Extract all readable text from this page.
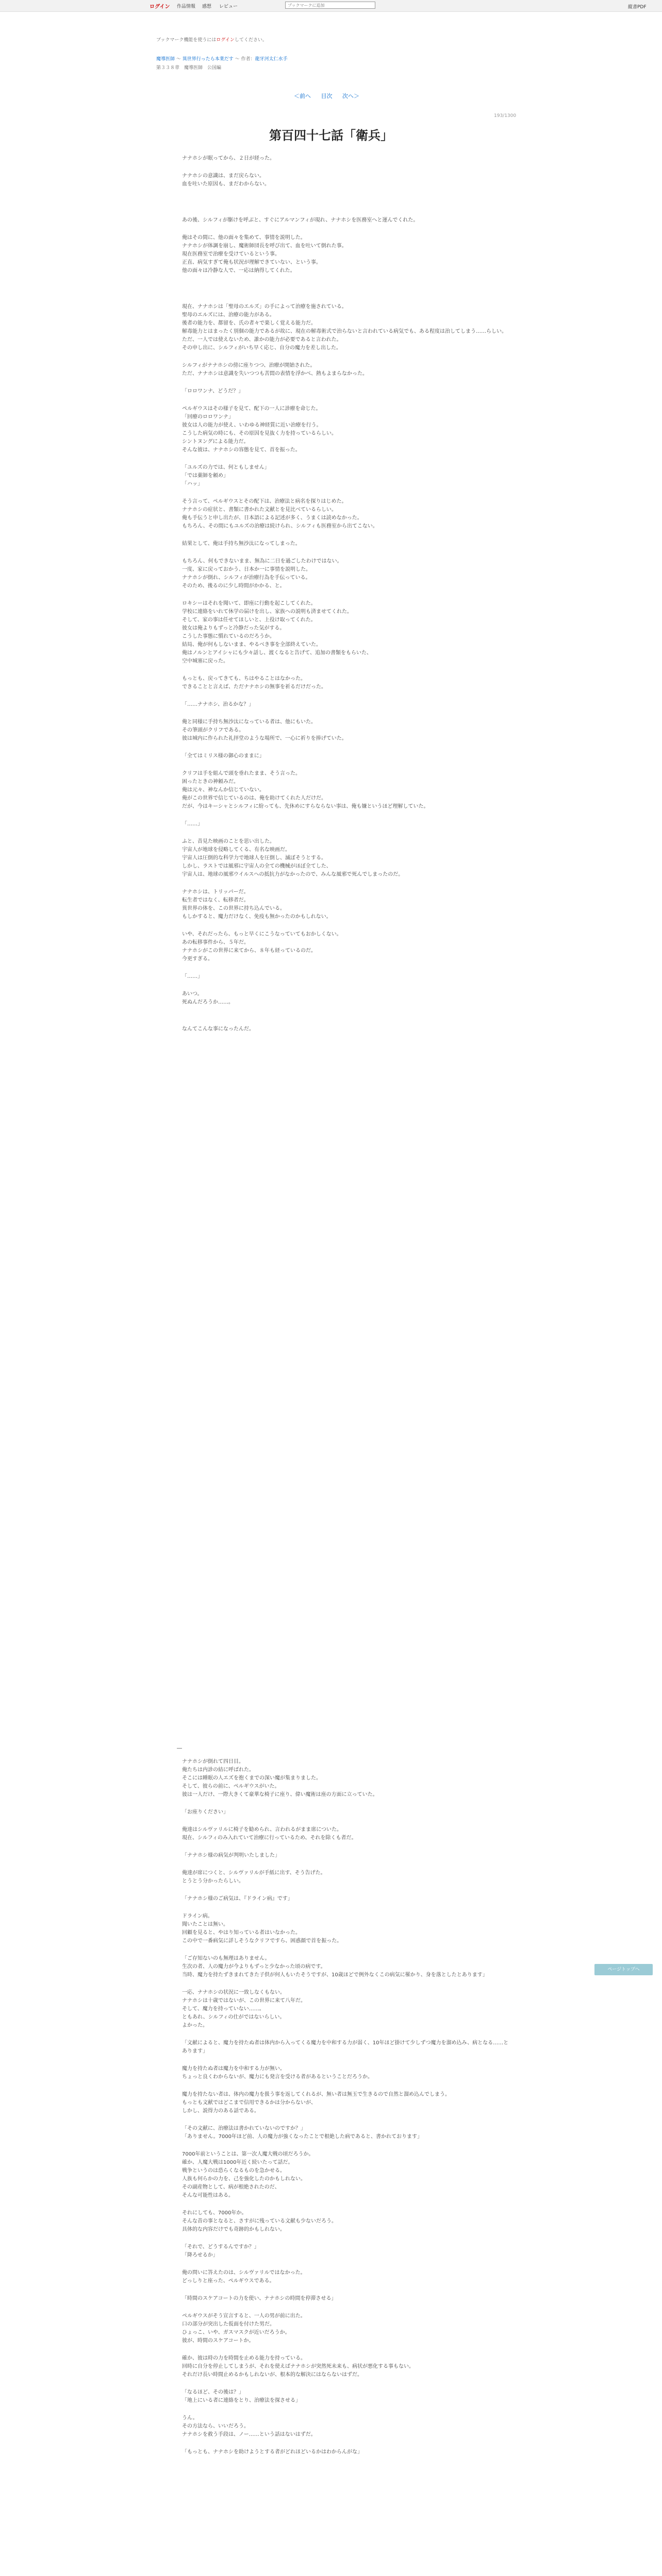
ログイン 作品情報 感想 レビュー
ブックマークに追加	縦書PDF
ブックマーク機能を使うにはログインしてください。
魔導医師 ～ 異世界行ったら本業だす ～ 作者：龍牙河太仁水手
第３３８章　魔導医師　公国編
＜前へ 目次 次へ＞
193/1300
第百四十七話「衛兵」

ナナホシが眠ってから、２日が経った。

ナナホシの意識は、まだ戻らない。

血を吐いた原因も、まだわからない。

あの後、シルフィが駆けを呼ぶと、すぐにアルマンフィが現れ、ナナホシを医務室へと運んでくれた。

俺はその間に、他の面々を集めて、事情を説明した。

ナナホシが体調を崩し、魔術師団長を呼び出て、血を吐いて倒れた事。

現在医務室で治療を受けているという事。

正直、病気すぎて俺も状況が理解できていない、という事。

他の面々は冷静な人で、一応は納得してくれた。

現在、ナナホシは「聖母のエルズ」の手によって治療を施されている。

聖母のエルズには、治療の能力がある。

後者の能力を、都留を、氏の者々で楽しく覚える能力だ。

解毒能力とはまったく別個の能力であるが故に、現在の解毒術式で治らないと言われている病気でも、ある程度は治してしまう……らしい。

ただ、一人では使えないため、誰かの能力が必要であると言われた。

その申し出に、シルフィがいち早く応じ、自分の魔力を差し出した。

シルフィがナナホシの傍に座りつつ、治療が開始された。

ただ、ナナホシは意識を失いつつも苦悶の表情を浮かべ、熱もよまらなかった。

「ロロワンナ、どうだ？」

ペルギウスはその様子を見て、配下の一人に診療を命じた。

「回療のロロワンナ」

彼女は人の能力が使え、いわゆる神経質に近い治療を行う。

こうした病気の時にも、その原因を見抜く力を持っているらしい。

シントヌングによる能力だ。

そんな彼は、ナナホシの容態を見て、首を振った。

「ユルズの力では、何ともしません」

「では薬師を頼め」

「ハッ」

そう言って、ペルギウスとその配下は、治療法と病名を探りはじめた。

ナナホシの症状と、書類に書かれた文献とを見比べているらしい。

俺も手伝うと申し出たが、日本語による記述が多く、うまくは読めなかった。

もちろん、その間にもユルズの治療は続けられ、シルフィも医務室から出てこない。

結果として、俺は手持ち無沙汰になってしまった。

もちろん、何もできないまま、無為に二日を過ごしたわけではない。

一度、家に戻っておかう、日本か一に事情を説明した。

ナナホシが倒れ、シルフィが治療行為を手伝っている。

そのため、後るのに少し時間がかかる、と。

ロキシーはそれを聞いて、即座に行動を起こしてくれた。

学校に連絡をいれて休学の届けを出し、家族への説明も済ませてくれた。

そして、家の事は任せてほしいと、上役け取ってくれた。

彼女は俺よりもずっと冷静だった気がする。

こうした事態に慣れているのだろうか。

結局、俺が何もしないまま、やるべき事を全部終えていた。

俺はノルンとアイシャにも少々話し、渡くなると告げて、追加の書類をもらいた、

空中城塞に戻った。

もっとも、戻ってきても、ちはやることはなかった。

できることと言えば、ただナナホシの無事を祈るだけだった。

「……ナナホシ、治るかな？」

俺と同様に手持ち無沙汰になっている者は、他にもいた。

その筆頭がクリフである。

彼は城内に作られた礼拝堂のような場所で、一心に祈りを捧げていた。

「全てはミリス様の御心のままに」

クリフは手を組んで頭を垂れたまま、そう言った。

困ったときの神頼みだ。

俺は元々、神なんか信じていない。

俺がこの世界で信じているのは、俺を助けてくれた人だけだ。

だが、今はキーシャとシルフィに紛っても、先休めにすらならない事は、俺も嫌というほど理解していた。

「……」

ふと、昔見た映画のことを思い出した。

宇宙人が地球を侵略してくる、有名な映画だ。

宇宙人は圧倒的な科学力で地球人を圧倒し、滅ぼそうとする。

しかし、ラストでは風邪に宇宙人の全ての機械がほぼ全てした、

宇宙人は、地球の風邪ウイルスへの抵抗力がなかったので、みんな風邪で死んでしまったのだ。

ナナホシは、トリッパーだ。

転生者ではなく、転移者だ。

異世界の体を、この世界に持ち込んでいる。

もしかすると、魔力だけなく、免疫も無かったのかもしれない。

いや、それだったら、もっと早くにこうなっていてもおかしくない。

あの転移事件から、５年だ。

ナナホシがこの世界に来てから、８年も経っているのだ。

今更すぎる。

「……」

あいつ。

死ぬんだろうか……。

なんてこんな事になったんだ。

―

ナナホシが倒れて四日目。

俺たちは内診の結に呼ばれた。

そこには睡眠の人エズを抱くまでの深い魔が集まりました。

そして、彼らの前に、ペルギウスがいた。

彼は一人だけ、一際大きくて豪華な椅子に座り、偉い魔術は座の方面に立っていた。

「お座りください」

俺達はシルヴァリルに椅子を勧められ、言われるがまま席についた。

現在、シルフィのみ入れていて治療に行っているため、それを除くも者だ。

「ナナホシ様の病気が判明いたしました」

俺達が席につくと、シルヴァリルが手紙に出す、そう告げた。

とうとう分かったらしい。

「ナナホシ様のご病気は、『ドライン病』です」

ドライン病。

聞いたことは無い。

回顧を見ると、やはり知っている者はいなかった。

この中で一番病気に詳しそうなクリフですら、困惑顔で首を振った。

「ご存知ないのも無理はありません。

生次の者、人の魔力が今よりもずっと少なかった頃の病です。

当時、魔力を持たずきまれてきた子供が何人もいたそうですが、10歳ほどで例外なくこの病気に罹かり、身を落としたとあります」

一応、ナナホシの状況に一致しなくもない。

ナナホシは十歳ではないが、この世界に来て八年だ。

そして、魔力を持っていない……。

ともあれ、シルフィの仕がではないらしい。

よかった。

「文献によると、魔力を持たぬ者は体内から入ってくる魔力を中和する力が弱く、10年ほど掛けて少しずつ魔力を溜め込み、病となる……とあります」

魔力を持たぬ者は魔力を中和する力が無い。

ちょっと良くわからないが、魔力にも発言を受ける者があるということだろうか。

魔力を持たない者は、体内の魔力を扱う事を返してくれるが、無い者は無玉で生きるので自然と溜め込んでしまう。

もっとも文献ではどこまで信用できるかは分からないが、

しかし、説得力のある話である。

「その文献に、治療法は書かれていないのですか？」

「ありません。7000年ほど前、人の魔力が強くなったことで根絶した病であると、書かれております」

7000年前ということは、第一次人魔大戦の頃だろうか。

確か、人魔大戦は1000年近く続いたって話だ。

戦争というのは恐らくなるものを急かせる。

人族も何らかの力を、己を強化したのかもしれない。

その副産物として、病が根絶されたのだ、

そんな可能性はある。

それにしても、7000年か。

そんな昔の事となると、さすがに残っている文献も少ないだろう。

具体的な内容だけでも奇跡的かもしれない。

「それで、どうするんですか？」

「降ろせるか」

俺の問いに答えたのは、シルヴァリルではなかった。

どっしりと座った、ペルギウスである。

「時間のスケアコートの力を使い、ナナホシの時間を停滞させる」

ペルギウスがそう宣言すると、一人の男が前に出た。

口の部分が突出した仮面を付けた男だ。

ひょっこ、いや、ガスマスクが近いだろうか。

彼が、時間のスケアコートか。

確か、彼は時の力を時間を止める能力を持っている。

回時に自分を停止してしまうが、それを使えばナナホシが突然死未来も、病状が悪化する事もない。

それだけ長い時間止めるかもしれないが、根本的な解決にはならないはずだ。

「なるほど、その後は？」

「地上にいる者に連絡をとり、治療法を探させる」

うん。

その方法なら、いいだろう。

ナナホシを救う手段は、ノー……という話はないはずだ。

「もっとも、ナナホシを助けようとする者がどれほどいるかはわからんがな」

ページトップへ
